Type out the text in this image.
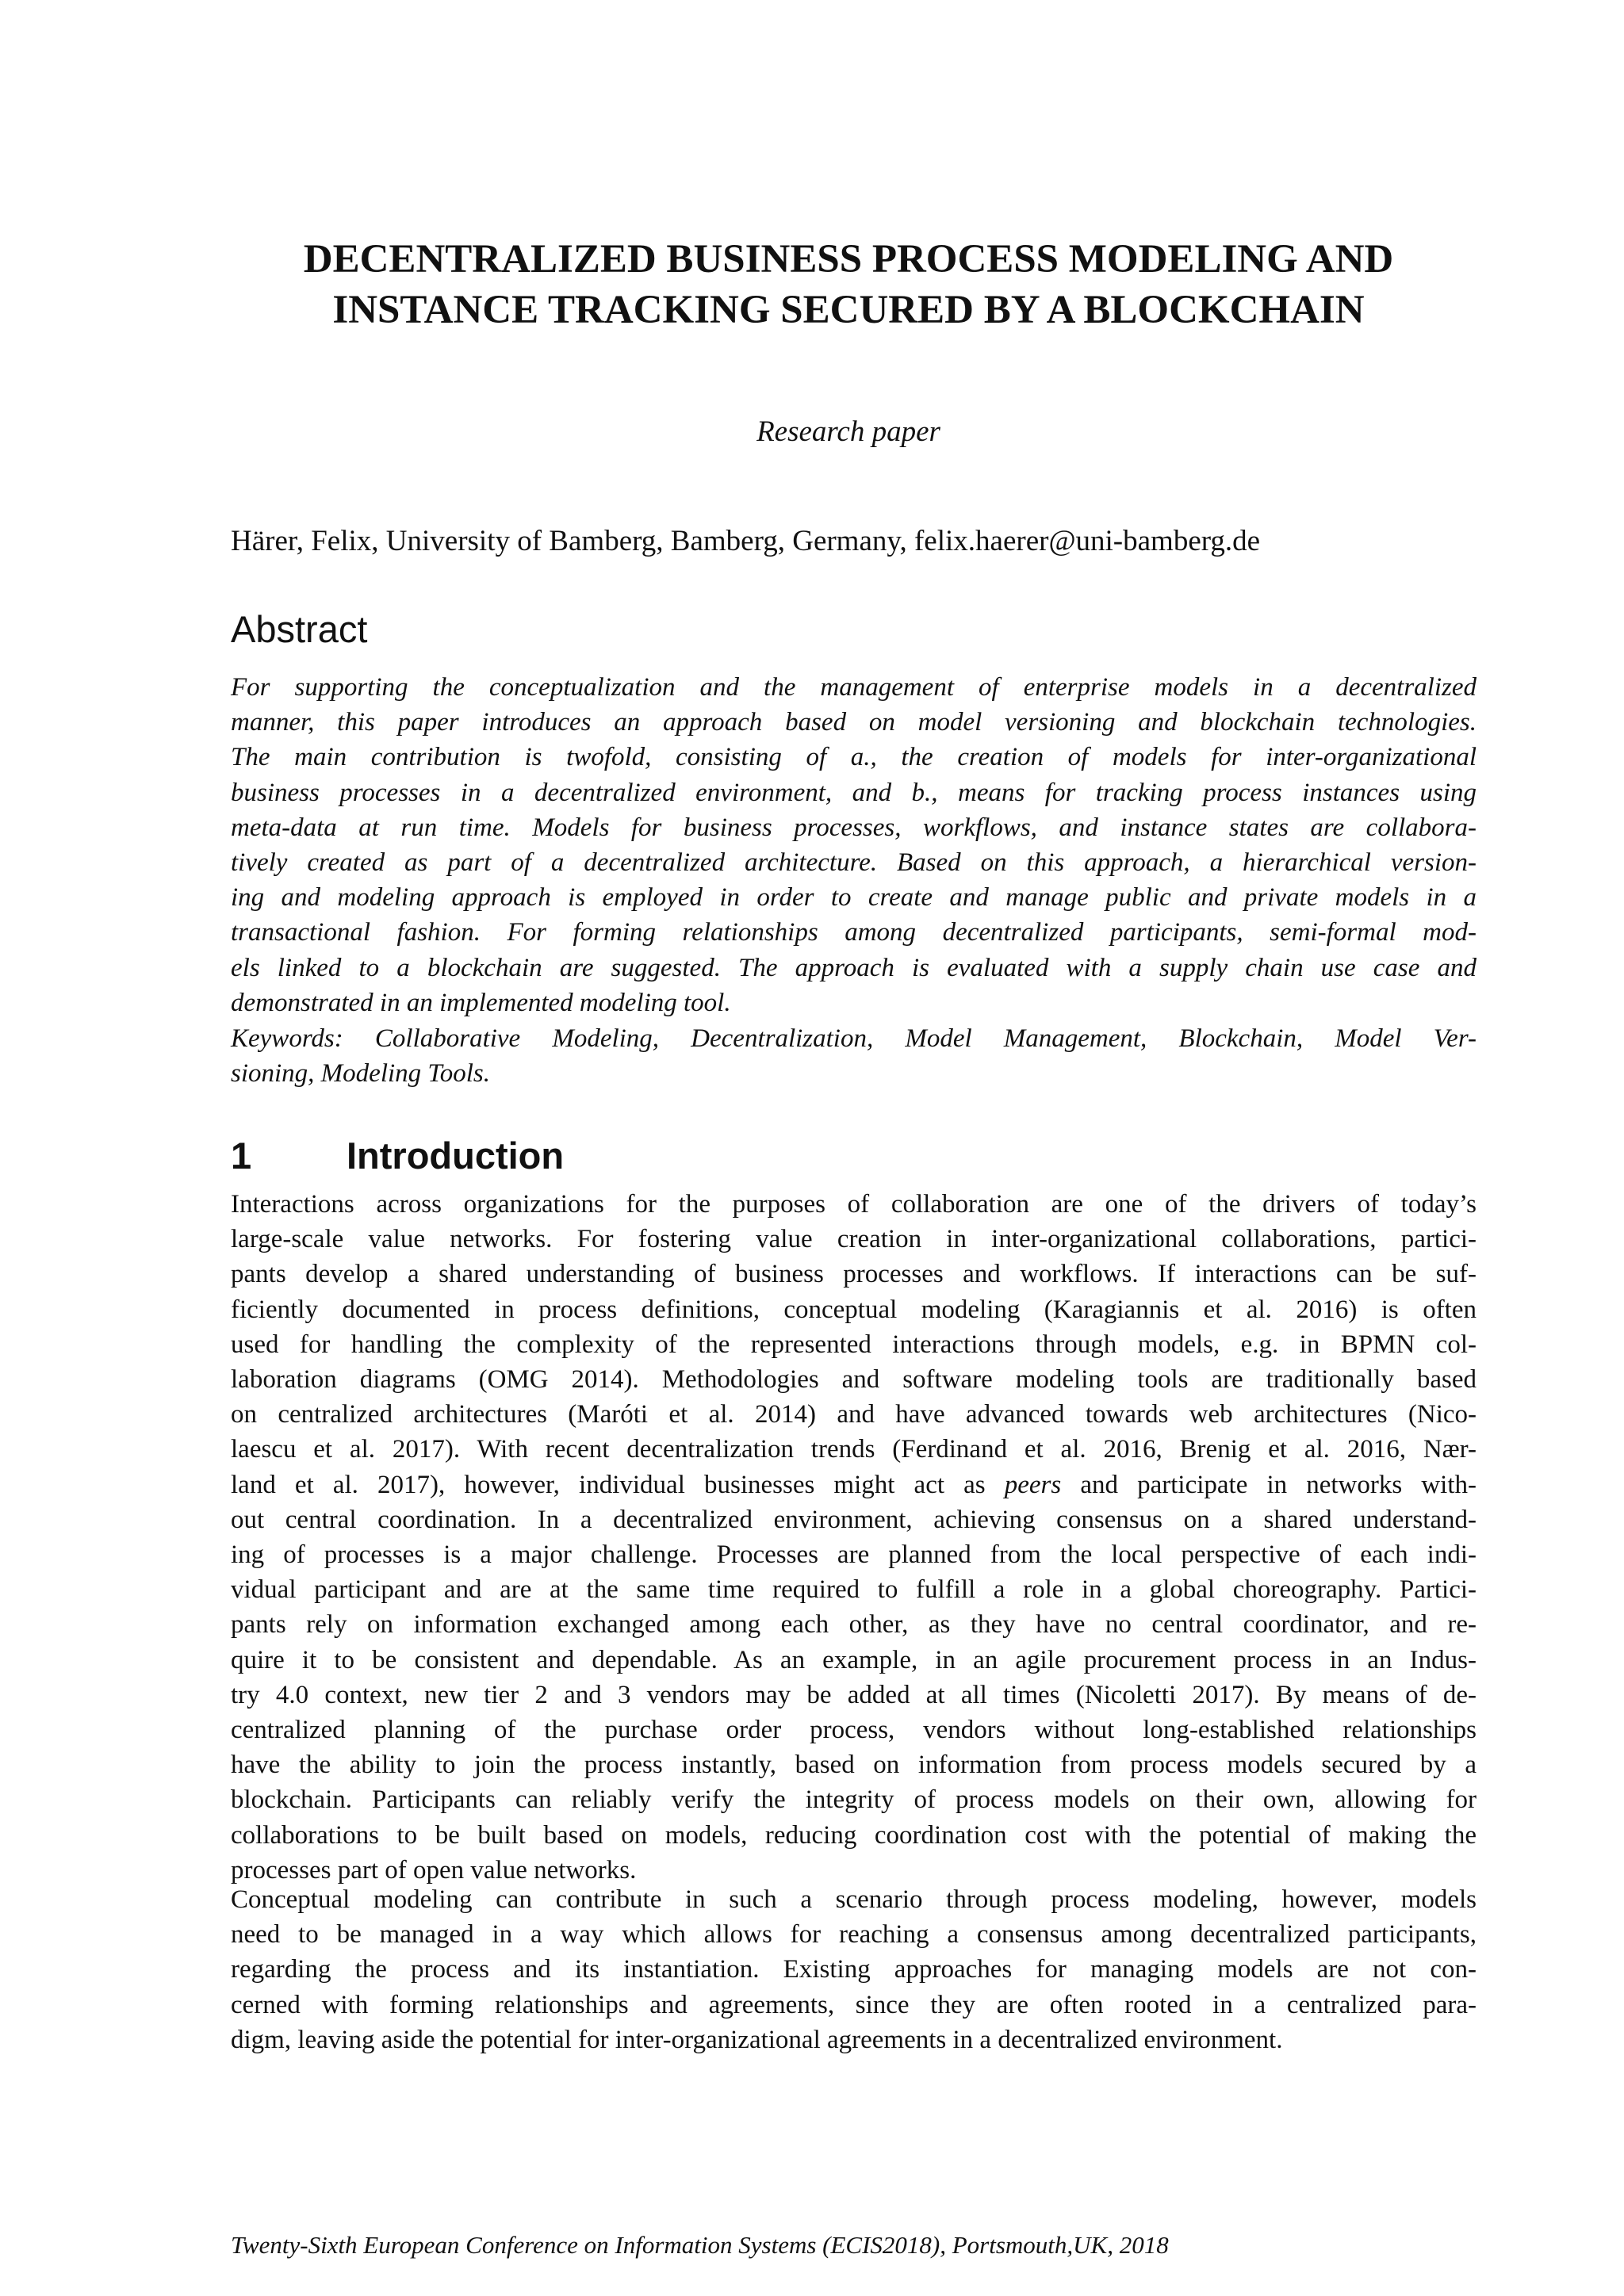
DECENTRALIZED BUSINESS PROCESS MODELING AND
INSTANCE TRACKING SECURED BY A BLOCKCHAIN

Research paper

Härer, Felix, University of Bamberg, Bamberg, Germany, felix.haerer@uni-bamberg.de

Abstract

For supporting the conceptualization and the management of enterprise models in a decentralized
manner, this paper introduces an approach based on model versioning and blockchain technologies.
The main contribution is twofold, consisting of a., the creation of models for inter-organizational
business processes in a decentralized environment, and b., means for tracking process instances using
meta-data at run time. Models for business processes, workflows, and instance states are collabora-
tively created as part of a decentralized architecture. Based on this approach, a hierarchical version-
ing and modeling approach is employed in order to create and manage public and private models in a
transactional fashion. For forming relationships among decentralized participants, semi-formal mod-
els linked to a blockchain are suggested. The approach is evaluated with a supply chain use case and
demonstrated in an implemented modeling tool.

Keywords: Collaborative Modeling, Decentralization, Model Management, Blockchain, Model Ver-
sioning, Modeling Tools.

1	Introduction

Interactions across organizations for the purposes of collaboration are one of the drivers of today’s
large-scale value networks. For fostering value creation in inter-organizational collaborations, partici-
pants develop a shared understanding of business processes and workflows. If interactions can be suf-
ficiently documented in process definitions, conceptual modeling (Karagiannis et al. 2016) is often
used for handling the complexity of the represented interactions through models, e.g. in BPMN col-
laboration diagrams (OMG 2014). Methodologies and software modeling tools are traditionally based
on centralized architectures (Maróti et al. 2014) and have advanced towards web architectures (Nico-
laescu et al. 2017). With recent decentralization trends (Ferdinand et al. 2016, Brenig et al. 2016, Nær-
land et al. 2017), however, individual businesses might act as peers and participate in networks with-
out central coordination. In a decentralized environment, achieving consensus on a shared understand-
ing of processes is a major challenge. Processes are planned from the local perspective of each indi-
vidual participant and are at the same time required to fulfill a role in a global choreography. Partici-
pants rely on information exchanged among each other, as they have no central coordinator, and re-
quire it to be consistent and dependable. As an example, in an agile procurement process in an Indus-
try 4.0 context, new tier 2 and 3 vendors may be added at all times (Nicoletti 2017). By means of de-
centralized planning of the purchase order process, vendors without long-established relationships
have the ability to join the process instantly, based on information from process models secured by a
blockchain. Participants can reliably verify the integrity of process models on their own, allowing for
collaborations to be built based on models, reducing coordination cost with the potential of making the
processes part of open value networks.

Conceptual modeling can contribute in such a scenario through process modeling, however, models
need to be managed in a way which allows for reaching a consensus among decentralized participants,
regarding the process and its instantiation. Existing approaches for managing models are not con-
cerned with forming relationships and agreements, since they are often rooted in a centralized para-
digm, leaving aside the potential for inter-organizational agreements in a decentralized environment.

Twenty-Sixth European Conference on Information Systems (ECIS2018), Portsmouth,UK, 2018
